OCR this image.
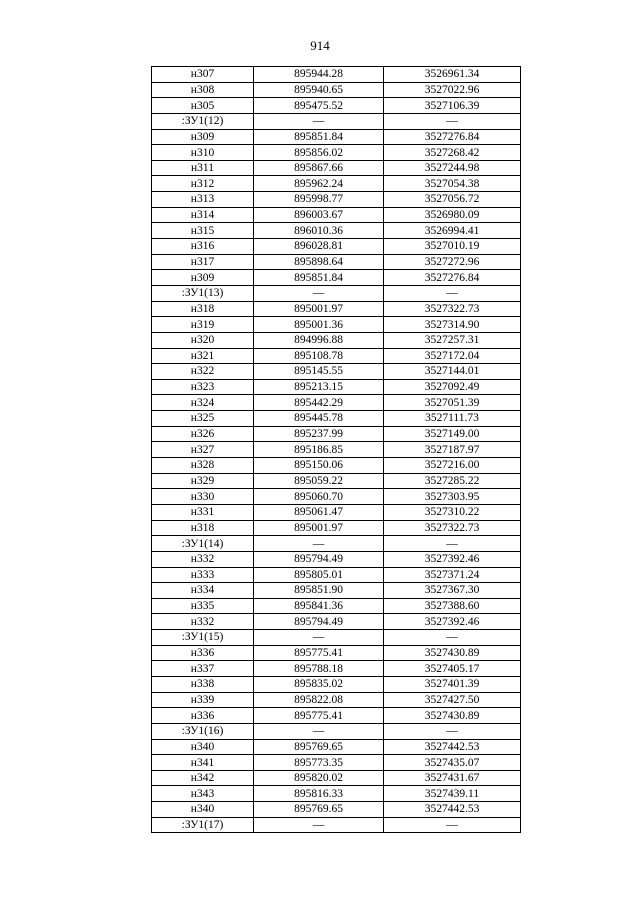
914
н307	895944.28	3526961.34
н308	895940.65	3527022.96
н305	895475.52	3527106.39
:ЗУ1(12)	—	—
н309	895851.84	3527276.84
н310	895856.02	3527268.42
н311	895867.66	3527244.98
н312	895962.24	3527054.38
н313	895998.77	3527056.72
н314	896003.67	3526980.09
н315	896010.36	3526994.41
н316	896028.81	3527010.19
н317	895898.64	3527272.96
н309	895851.84	3527276.84
:ЗУ1(13)	—	—
н318	895001.97	3527322.73
н319	895001.36	3527314.90
н320	894996.88	3527257.31
н321	895108.78	3527172.04
н322	895145.55	3527144.01
н323	895213.15	3527092.49
н324	895442.29	3527051.39
н325	895445.78	3527111.73
н326	895237.99	3527149.00
н327	895186.85	3527187.97
н328	895150.06	3527216.00
н329	895059.22	3527285.22
н330	895060.70	3527303.95
н331	895061.47	3527310.22
н318	895001.97	3527322.73
:ЗУ1(14)	—	—
н332	895794.49	3527392.46
н333	895805.01	3527371.24
н334	895851.90	3527367.30
н335	895841.36	3527388.60
н332	895794.49	3527392.46
:ЗУ1(15)	—	—
н336	895775.41	3527430.89
н337	895788.18	3527405.17
н338	895835.02	3527401.39
н339	895822.08	3527427.50
н336	895775.41	3527430.89
:ЗУ1(16)	—	—
н340	895769.65	3527442.53
н341	895773.35	3527435.07
н342	895820.02	3527431.67
н343	895816.33	3527439.11
н340	895769.65	3527442.53
:ЗУ1(17)	—	—
